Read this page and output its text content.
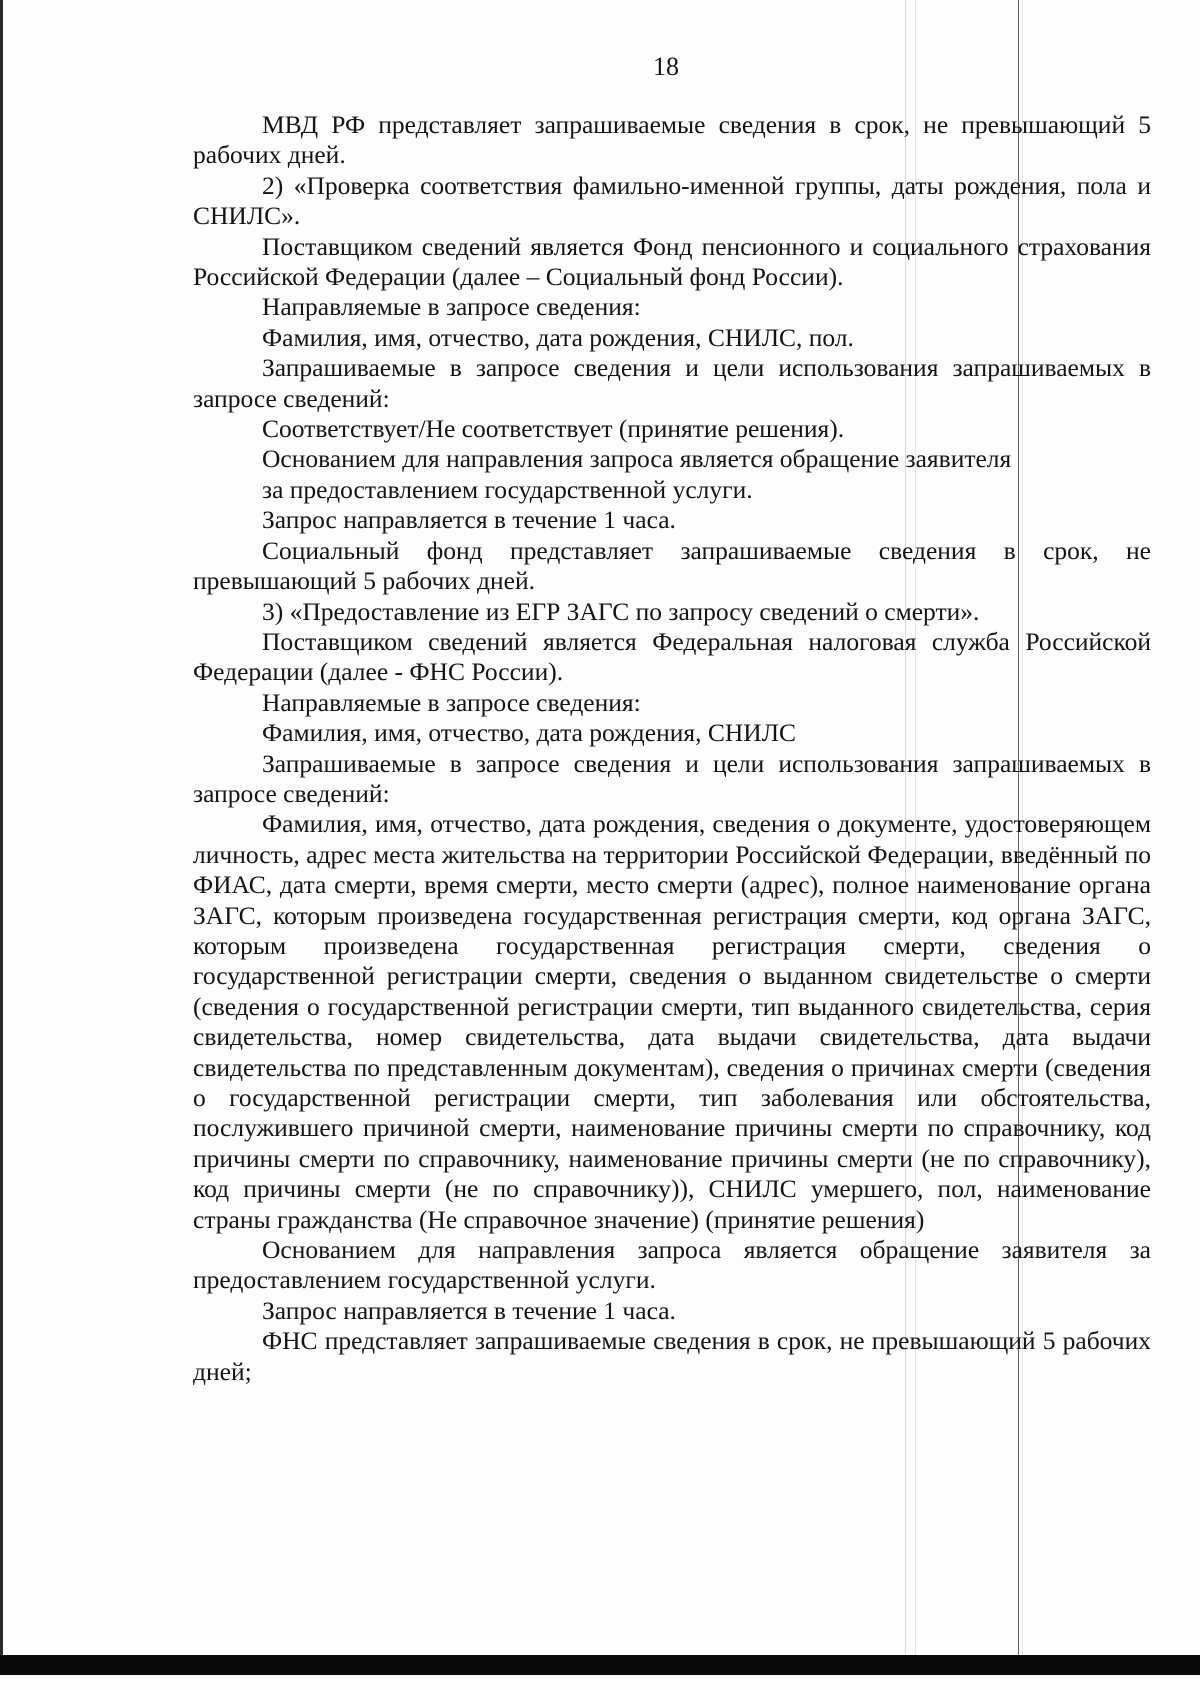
18

МВД РФ представляет запрашиваемые сведения в срок, не превышающий 5 рабочих дней.

2) «Проверка соответствия фамильно-именной группы, даты рождения, пола и СНИЛС».

Поставщиком сведений является Фонд пенсионного и социального страхования Российской Федерации (далее – Социальный фонд России).

Направляемые в запросе сведения:

Фамилия, имя, отчество, дата рождения, СНИЛС, пол.

Запрашиваемые в запросе сведения и цели использования запрашиваемых в запросе сведений:

Соответствует/Не соответствует (принятие решения).

Основанием для направления запроса является обращение заявителя

за предоставлением государственной услуги.

Запрос направляется в течение 1 часа.

Социальный фонд представляет запрашиваемые сведения в срок, не превышающий 5 рабочих дней.

3) «Предоставление из ЕГР ЗАГС по запросу сведений о смерти».

Поставщиком сведений является Федеральная налоговая служба Российской Федерации (далее - ФНС России).

Направляемые в запросе сведения:

Фамилия, имя, отчество, дата рождения, СНИЛС

Запрашиваемые в запросе сведения и цели использования запрашиваемых в запросе сведений:

Фамилия, имя, отчество, дата рождения, сведения о документе, удостоверяющем личность, адрес места жительства на территории Российской Федерации, введённый по ФИАС, дата смерти, время смерти, место смерти (адрес), полное наименование органа ЗАГС, которым произведена государственная регистрация смерти, код органа ЗАГС, которым произведена государственная регистрация смерти, сведения о государственной регистрации смерти, сведения о выданном свидетельстве о смерти (сведения о государственной регистрации смерти, тип выданного свидетельства, серия свидетельства, номер свидетельства, дата выдачи свидетельства, дата выдачи свидетельства по представленным документам), сведения о причинах смерти (сведения о государственной регистрации смерти, тип заболевания или обстоятельства, послужившего причиной смерти, наименование причины смерти по справочнику, код причины смерти по справочнику, наименование причины смерти (не по справочнику), код причины смерти (не по справочнику)), СНИЛС умершего, пол, наименование страны гражданства (Не справочное значение) (принятие решения)

Основанием для направления запроса является обращение заявителя за предоставлением государственной услуги.

Запрос направляется в течение 1 часа.

ФНС представляет запрашиваемые сведения в срок, не превышающий 5 рабочих дней;
